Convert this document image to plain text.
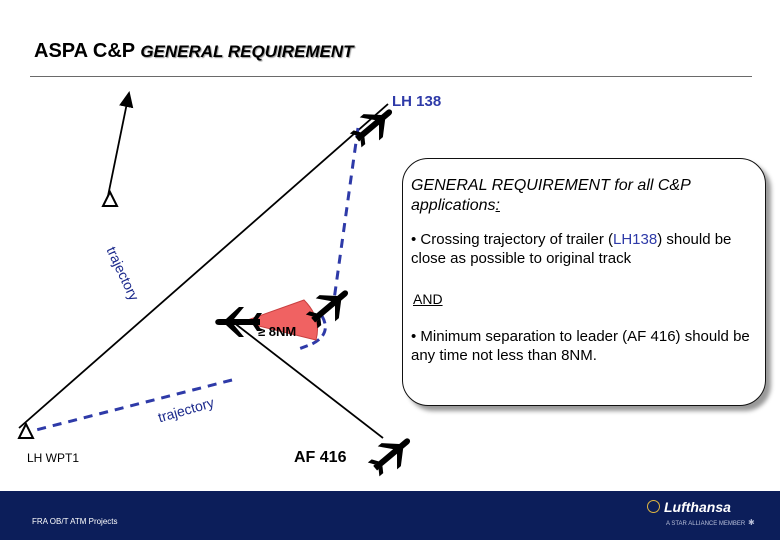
ASPA C&P GENERAL REQUIREMENT
LH 138
AF 416
LH WPT1
≥ 8NM
trajectory
trajectory

GENERAL REQUIREMENT for all C&P applications:

• Crossing trajectory of trailer (LH138) should be close as possible to original track

AND

• Minimum separation to leader (AF 416) should be any time not less than 8NM.

FRA OB/T ATM Projects
Lufthansa
A STAR ALLIANCE MEMBER ✱
